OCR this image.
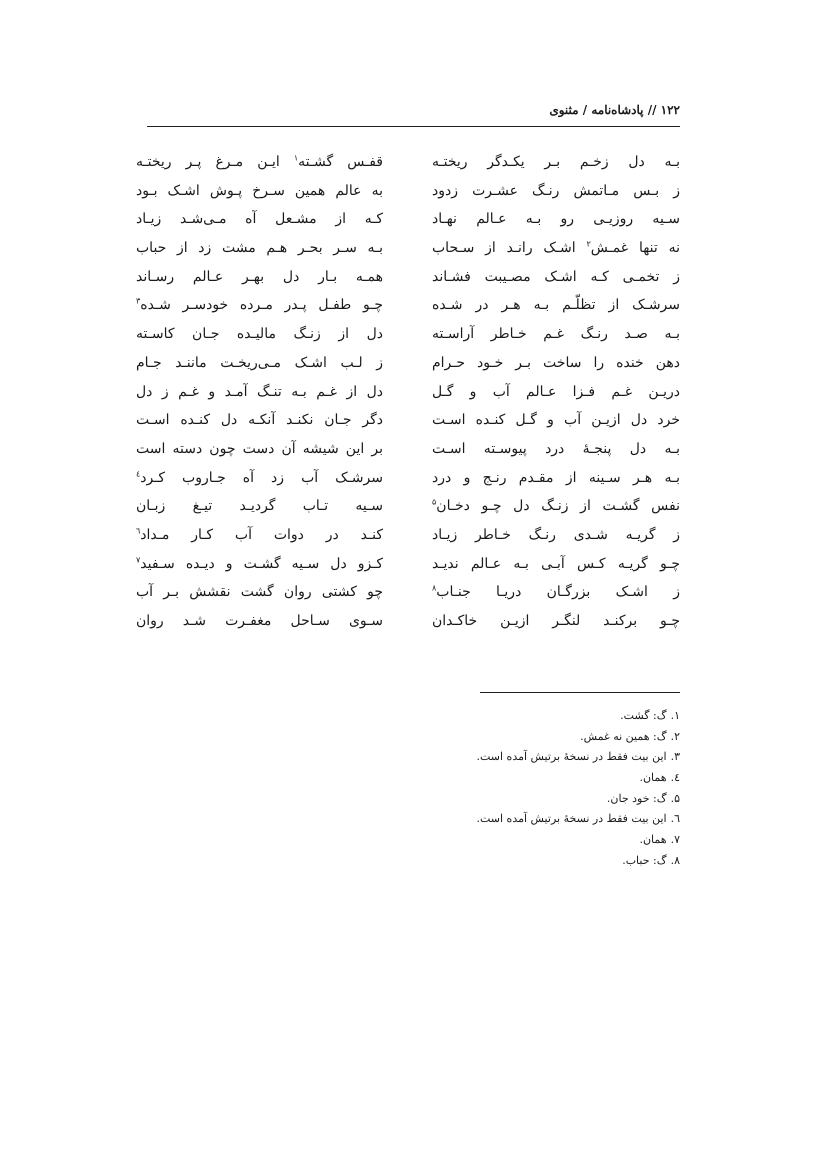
۱۲۲ // پادشاه‌نامه / مثنوی
بـه دل زخـم بـر یکـدگر ریختـه
ز بـس مـاتمش رنـگ عشـرت زدود
سـیه روزیـی رو بـه عـالم نهـاد
نه تنها غمـش$^۲$ اشـک رانـد از سـحاب
ز تخمـی کـه اشـک مصـیبت فشـاند
سرشـک از تظلّـم بـه هـر در شـده
بـه صـد رنـگ غـم خـاطر آراسـته
دهن خنده را ساخت بـر خـود حـرام
دریـن غـم فـزا عـالم آب و گـل
خرد دل ازیـن آب و گـل کنـده اسـت
بـه دل پنجـهٔ درد پیوسـته اسـت
بـه هـر سـینه از مقـدم رنـج و درد
نفس گشـت از زنـگ دل چـو دخـان$^۵$
ز گریـه شـدی رنـگ خـاطر زیـاد
چـو گریـه کـس آبـی بـه عـالم ندیـد
ز اشـک بزرگـان دریـا جنـاب$^۸$
چـو برکنـد لنگـر ازیـن خاکـدان
قفـس گشـته$^۱$ ایـن مـرغ پـر ریختـه
به عالم همین سـرخ پـوش اشـک بـود
کـه از مشـعل آه مـی‌شـد زیـاد
بـه سـر بحـر هـم مشت زد از حباب
همـه بـار دل بهـر عـالم رسـاند
چـو طفـل پـدر مـرده خودسـر شـده$^۳$
دل از زنـگ مالیـده جـان کاسـته
ز لـب اشـک مـی‌ریخـت ماننـد جـام
دل از غـم بـه تنـگ آمـد و غـم ز دل
دگر جـان نکنـد آنکـه دل کنـده اسـت
بر این شیشه آن دست چون دسته است
سرشـک آب زد آه جـاروب کـرد$^٤$
سـیه تـاب گردیـد تیـغ زبـان
کنـد در دوات آب کـار مـداد$^٦$
کـزو دل سـیه گشـت و دیـده سـفید$^۷$
چو کشتی روان گشت نقشش بـر آب
سـوی سـاحل مغفـرت شـد روان
۱.گ: گشت.
۲.گ: همین نه غمش.
۳.این بیت فقط در نسخهٔ برتیش آمده است.
٤.همان.
۵.گ: خود جان.
٦.این بیت فقط در نسخهٔ برتیش آمده است.
۷.همان.
۸.گ: حباب.
